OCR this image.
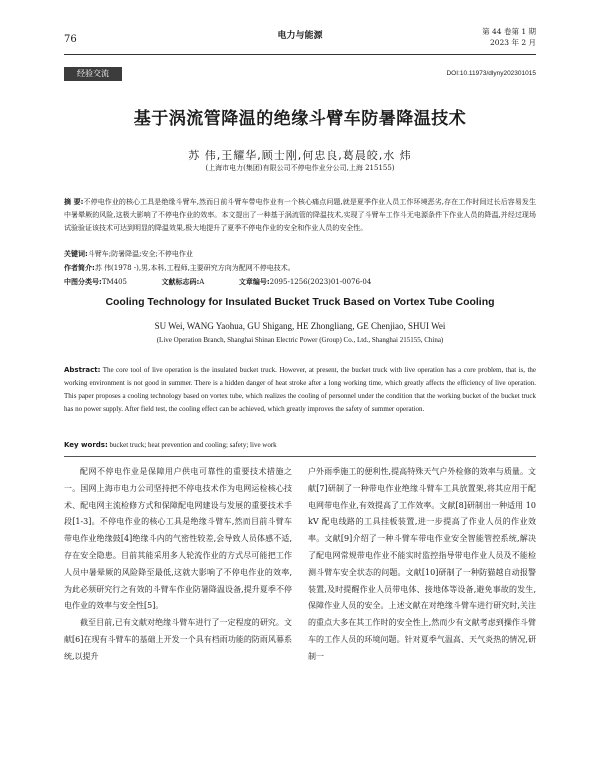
76	电力与能源	第 44 卷第 1 期
2023 年 2 月
经验交流	DOI:10.11973/dlyny202301015
基于涡流管降温的绝缘斗臂车防暑降温技术
苏 伟,王耀华,顾士刚,何忠良,葛晨皎,水 炜
(上海市电力(集团)有限公司不停电作业分公司,上海 215155)
摘 要:不停电作业的核心工具是绝缘斗臂车,然而日前斗臂车带电作业有一个核心痛点问题,就是夏季作业人员工作环境恶劣,存在工作时间过长后容易发生中暑晕厥的风险,这极大影响了不停电作业的效率。本文提出了一种基于涡流管的降温技术,实现了斗臂车工作斗无电源条件下作业人员的降温,并经过现场试验验证该技术可达到明显的降温效果,极大地提升了夏季不停电作业的安全和作业人员的安全性。
关键词:斗臂车;防暑降温;安全;不停电作业
作者简介:苏 伟(1978 -),男,本科,工程师,主要研究方向为配网不停电技术。
中图分类号:TM405	文献标志码:A	文章编号:2095-1256(2023)01-0076-04
Cooling Technology for Insulated Bucket Truck Based on Vortex Tube Cooling
SU Wei, WANG Yaohua, GU Shigang, HE Zhongliang, GE Chenjiao, SHUI Wei
(Live Operation Branch, Shanghai Shinan Electric Power (Group) Co., Ltd., Shanghai 215155, China)
Abstract: The core tool of live operation is the insulated bucket truck. However, at present, the bucket truck with live operation has a core problem, that is, the working environment is not good in summer. There is a hidden danger of heat stroke after a long working time, which greatly affects the efficiency of live operation. This paper proposes a cooling technology based on vortex tube, which realizes the cooling of personnel under the condition that the working bucket of the bucket truck has no power supply. After field test, the cooling effect can be achieved, which greatly improves the safety of summer operation.
Key words: bucket truck; heat prevention and cooling; safety; live work

配网不停电作业是保障用户供电可靠性的重要技术措施之一。国网上海市电力公司坚持把不停电技术作为电网运检核心技术、配电网主流检修方式和保障配电网建设与发展的重要技术手段[1-3]。不停电作业的核心工具是绝缘斗臂车,然而目前斗臂车带电作业绝缘鼓[4]绝缘斗内的气密性较差,会导致人员体感不适,存在安全隐患。目前其能采用多人轮流作业的方式尽可能把工作人员中暑晕厥的风险降至最低,这就大影响了不停电作业的效率,为此必须研究行之有效的斗臂车作业防暑降温设备,提升夏季不停电作业的效率与安全性[5]。

截至目前,已有文献对绝缘斗臂车进行了一定程度的研究。文献[6]在现有斗臂车的基础上开发一个具有档雨功能的防雨风幕系统,以提升

户外雨季施工的便利性,提高特殊天气户外检修的效率与质量。文献[7]研制了一种带电作业绝缘斗臂车工具放置架,将其应用于配电网带电作业,有效提高了工作效率。文献[8]研制出一种适用 10 kV 配电线路的工具挂板装置,进一步提高了作业人员的作业效率。文献[9]介绍了一种斗臂车带电作业安全智能管控系统,解决了配电网常规带电作业不能实时监控指导带电作业人员及不能检测斗臂车安全状态的问题。文献[10]研制了一种防猫越自动报警装置,及时提醒作业人员带电体、接地体等设备,避免事故的发生,保障作业人员的安全。上述文献在对绝缘斗臂车进行研究时,关注的重点大多在其工作时的安全性上,然而少有文献考虑到操作斗臂车的工作人员的环境问题。针对夏季气温高、天气炎热的情况,研制一
